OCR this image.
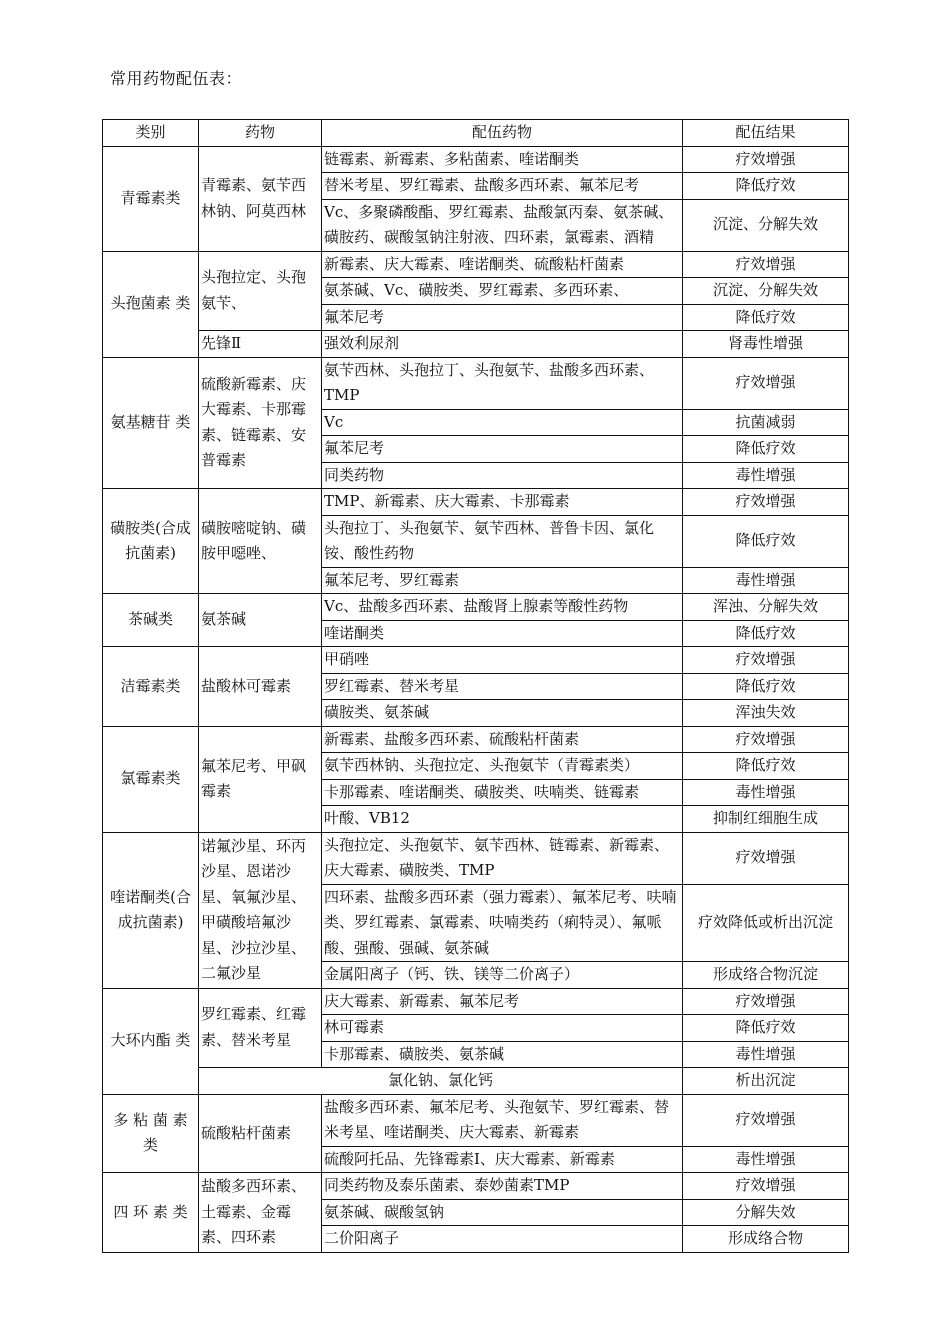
常用药物配伍表：
类别	药物	配伍药物	配伍结果
青霉素类	青霉素、氨苄西林钠、阿莫西林	链霉素、新霉素、多粘菌素、喹诺酮类	疗效增强
		替米考星、罗红霉素、盐酸多西环素、氟苯尼考	降低疗效
		Vc、多聚磷酸酯、罗红霉素、盐酸氯丙秦、氨茶碱、磺胺药、碳酸氢钠注射液、四环素，氯霉素、酒精	沉淀、分解失效
头孢菌素 类	头孢拉定、头孢氨苄、	新霉素、庆大霉素、喹诺酮类、硫酸粘杆菌素	疗效增强
		氨茶碱、Vc、磺胺类、罗红霉素、多西环素、	沉淀、分解失效
		氟苯尼考	降低疗效
	先锋Ⅱ	强效利尿剂	肾毒性增强
氨基糖苷 类	硫酸新霉素、庆大霉素、卡那霉素、链霉素、安普霉素	氨苄西林、头孢拉丁、头孢氨苄、盐酸多西环素、TMP	疗效增强
		Vc	抗菌减弱
		氟苯尼考	降低疗效
		同类药物	毒性增强
磺胺类(合成抗菌素)	磺胺嘧啶钠、磺胺甲噁唑、	TMP、新霉素、庆大霉素、卡那霉素	疗效增强
		头孢拉丁、头孢氨苄、氨苄西林、普鲁卡因、氯化铵、酸性药物	降低疗效
		氟苯尼考、罗红霉素	毒性增强
茶碱类	氨茶碱	Vc、盐酸多西环素、盐酸肾上腺素等酸性药物	浑浊、分解失效
		喹诺酮类	降低疗效
洁霉素类	盐酸林可霉素	甲硝唑	疗效增强
		罗红霉素、替米考星	降低疗效
		磺胺类、氨茶碱	浑浊失效
氯霉素类	氟苯尼考、甲砜霉素	新霉素、盐酸多西环素、硫酸粘杆菌素	疗效增强
		氨苄西林钠、头孢拉定、头孢氨苄（青霉素类）	降低疗效
		卡那霉素、喹诺酮类、磺胺类、呋喃类、链霉素	毒性增强
		叶酸、VB12	抑制红细胞生成
喹诺酮类(合成抗菌素)	诺氟沙星、环丙沙星、恩诺沙星、氧氟沙星、甲磺酸培氟沙星、沙拉沙星、二氟沙星	头孢拉定、头孢氨苄、氨苄西林、链霉素、新霉素、庆大霉素、磺胺类、TMP	疗效增强
		四环素、盐酸多西环素（强力霉素）、氟苯尼考、呋喃类、罗红霉素、氯霉素、呋喃类药（痢特灵）、氟哌酸、强酸、强碱、氨茶碱	疗效降低或析出沉淀
		金属阳离子（钙、铁、镁等二价离子）	形成络合物沉淀
大环内酯 类	罗红霉素、红霉素、替米考星	庆大霉素、新霉素、氟苯尼考	疗效增强
		林可霉素	降低疗效
		卡那霉素、磺胺类、氨茶碱	毒性增强
	氯化钠、氯化钙		析出沉淀
多 粘 菌 素 类	硫酸粘杆菌素	盐酸多西环素、氟苯尼考、头孢氨苄、罗红霉素、替米考星、喹诺酮类、庆大霉素、新霉素	疗效增强
		硫酸阿托品、先锋霉素Ⅰ、庆大霉素、新霉素	毒性增强
四 环 素 类	盐酸多西环素、土霉素、金霉素、四环素	同类药物及泰乐菌素、泰妙菌素TMP	疗效增强
		氨茶碱、碳酸氢钠	分解失效
		二价阳离子	形成络合物
